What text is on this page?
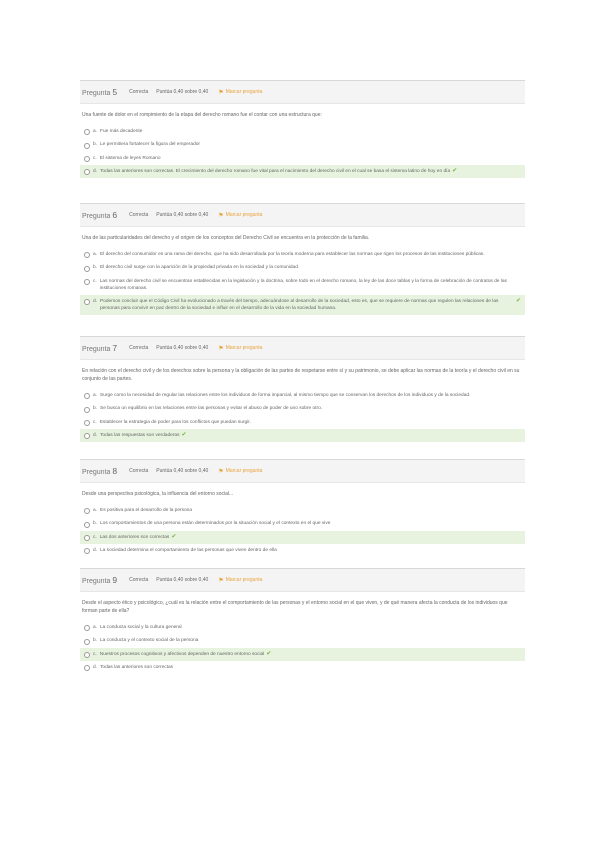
Pregunta 5 Correcta Puntúa 0,40 sobre 0,40 ⚑ Marcar pregunta
Una fuente de dolor en el rompimiento de la etapa del derecho romano fue el contar con una estructura que:
a. Fue más decadente
b. Le permitiera fortalecer la figura del emperador
c. El sistema de leyes Romano
d. Todas las anteriores son correctas. El crecimiento del derecho romano fue vital para el nacimiento del derecho civil en el cual se basa el sistema latino de hoy en día ✔
Pregunta 6 Correcta Puntúa 0,40 sobre 0,40 ⚑ Marcar pregunta
Una de las particularidades del derecho y el origen de los conceptos del Derecho Civil se encuentra en la protección de la familia.
a. El derecho del consumidor es una rama del derecho, que ha sido desarrollada por la teoría moderna para establecer las normas que rigen los procesos de las instituciones públicas.
b. El derecho civil surge con la aparición de la propiedad privada en la sociedad y la comunidad.
c. Las normas del derecho civil se encuentran establecidas en la legislación y la doctrina, sobre todo en el derecho romano, la ley de las doce tablas y la forma de celebración de contratos de las instituciones romanas.
d. Podemos concluir que el Código Civil ha evolucionado a través del tiempo, adecuándose al desarrollo de la sociedad, esto es, que se requiere de normas que regulen las relaciones de las personas para convivir en paz dentro de la sociedad e influir en el desarrollo de la vida en la sociedad humana.
✔
Pregunta 7 Correcta Puntúa 0,40 sobre 0,40 ⚑ Marcar pregunta
En relación con el derecho civil y de los derechos sobre la persona y la obligación de las partes de respetarse entre sí y su patrimonio, se debe aplicar las normas de la teoría y el derecho civil en su conjunto de las partes.
a. Surge como la necesidad de regular las relaciones entre los individuos de forma imparcial, al mismo tiempo que se conservan los derechos de los individuos y de la sociedad.
b. Se busca un equilibrio en las relaciones entre las personas y evitar el abuso de poder de uno sobre otro.
c. Establecer la estrategia de poder para los conflictos que puedan surgir.
d. Todas las respuestas son verdaderas ✔
Pregunta 8 Correcta Puntúa 0,40 sobre 0,40 ⚑ Marcar pregunta
Desde una perspectiva psicológica, la influencia del entorno social...
a. Es positiva para el desarrollo de la persona
b. Los comportamientos de una persona están determinados por la situación social y el contexto en el que vive
c. Las dos anteriores son correctas ✔
d. La sociedad determina el comportamiento de las personas que viven dentro de ella
Pregunta 9 Correcta Puntúa 0,40 sobre 0,40 ⚑ Marcar pregunta
Desde el aspecto ético y psicológico, ¿cuál es la relación entre el comportamiento de las personas y el entorno social en el que viven, y de qué manera afecta la conducta de los individuos que forman parte de ella?
a. La conducta social y la cultura general
b. La conducta y el contexto social de la persona
c. Nuestros procesos cognitivos y afectivos dependen de nuestro entorno social ✔
d. Todas las anteriores son correctas
